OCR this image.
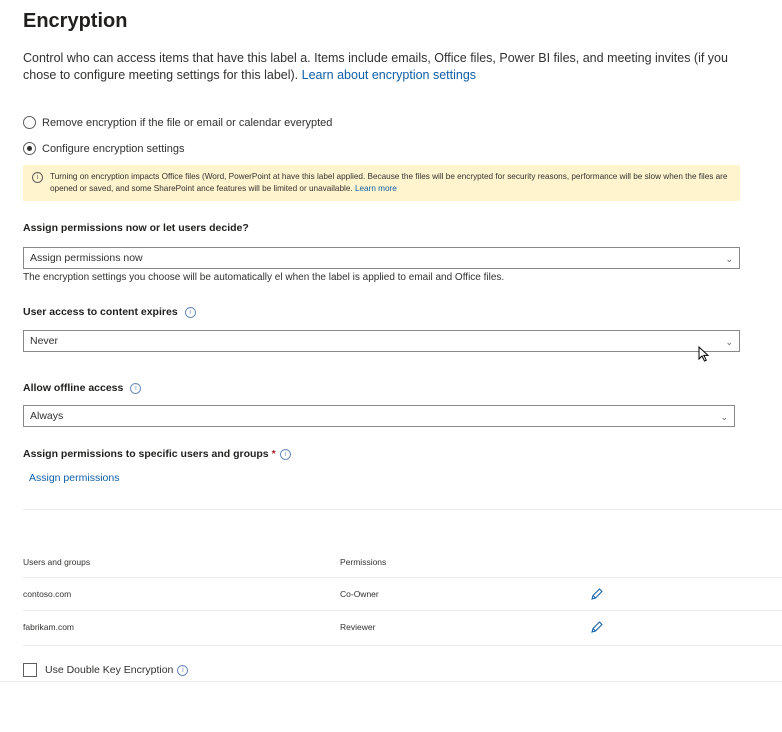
Encryption
Control who can access items that have this label a. Items include emails, Office files, Power BI files, and meeting invites (if you chose to configure meeting settings for this label). Learn about encryption settings
Remove encryption if the file or email or calendar everypted
Configure encryption settings
i	Turning on encryption impacts Office files (Word, PowerPoint at have this label applied. Because the files will be encrypted for security reasons, performance will be slow when the files are opened or saved, and some SharePoint ance features will be limited or unavailable. Learn more
Assign permissions now or let users decide?
Assign permissions now	⌄
The encryption settings you choose will be automatically el when the label is applied to email and Office files.
User access to content expires	i
Never	⌄
Allow offline access	i
Always	⌄
Assign permissions to specific users and groups *	i
Assign permissions
Users and groups	Permissions
contoso.com	Co-Owner
fabrikam.com	Reviewer
Use Double Key Encryption	i
